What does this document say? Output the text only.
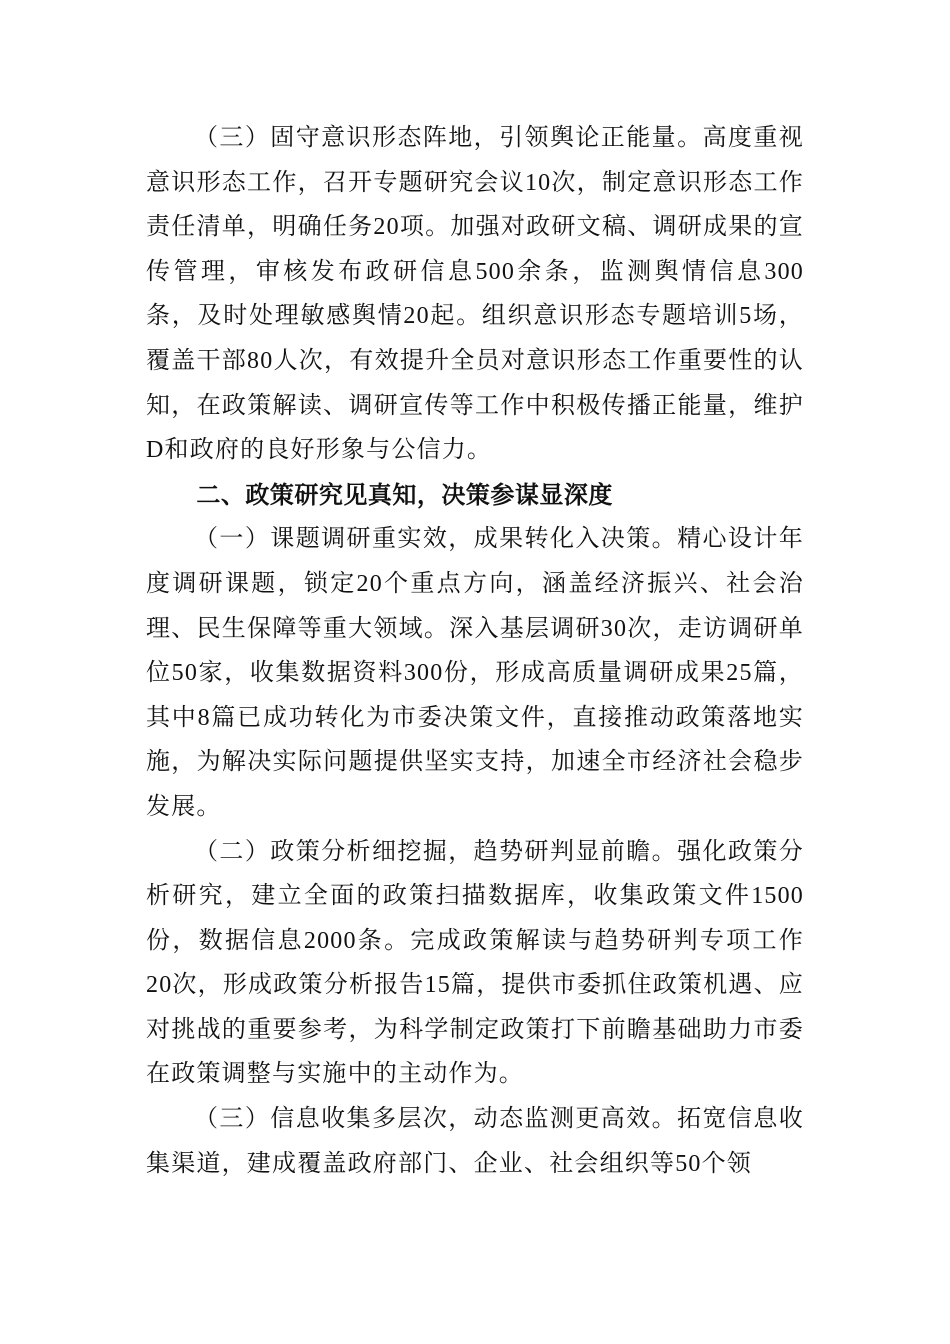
（三）固守意识形态阵地，引领舆论正能量。高度重视意识形态工作，召开专题研究会议10次，制定意识形态工作责任清单，明确任务20项。加强对政研文稿、调研成果的宣传管理，审核发布政研信息500余条，监测舆情信息300条，及时处理敏感舆情20起。组织意识形态专题培训5场，覆盖干部80人次，有效提升全员对意识形态工作重要性的认知，在政策解读、调研宣传等工作中积极传播正能量，维护D和政府的良好形象与公信力。

二、政策研究见真知，决策参谋显深度

（一）课题调研重实效，成果转化入决策。精心设计年度调研课题，锁定20个重点方向，涵盖经济振兴、社会治理、民生保障等重大领域。深入基层调研30次，走访调研单位50家，收集数据资料300份，形成高质量调研成果25篇，其中8篇已成功转化为市委决策文件，直接推动政策落地实施，为解决实际问题提供坚实支持，加速全市经济社会稳步发展。

（二）政策分析细挖掘，趋势研判显前瞻。强化政策分析研究，建立全面的政策扫描数据库，收集政策文件1500份，数据信息2000条。完成政策解读与趋势研判专项工作20次，形成政策分析报告15篇，提供市委抓住政策机遇、应对挑战的重要参考，为科学制定政策打下前瞻基础助力市委在政策调整与实施中的主动作为。

（三）信息收集多层次，动态监测更高效。拓宽信息收集渠道，建成覆盖政府部门、企业、社会组织等50个领
